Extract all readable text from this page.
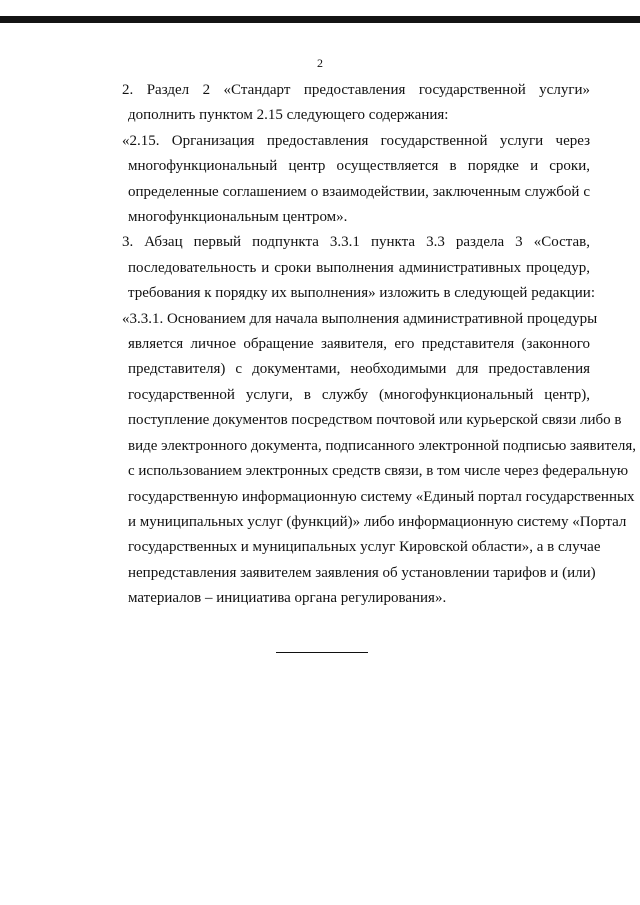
2

2. Раздел 2 «Стандарт предоставления государственной услуги»
дополнить пунктом 2.15 следующего содержания:

«2.15. Организация предоставления государственной услуги через
многофункциональный центр осуществляется в порядке и сроки,
определенные соглашением о взаимодействии, заключенным службой с
многофункциональным центром».

3. Абзац первый подпункта 3.3.1 пункта 3.3 раздела 3 «Состав,
последовательность и сроки выполнения административных процедур,
требования к порядку их выполнения» изложить в следующей редакции:

«3.3.1. Основанием для начала выполнения административной процедуры
является личное обращение заявителя, его представителя (законного
представителя) с документами, необходимыми для предоставления
государственной услуги, в службу (многофункциональный центр),
поступление документов посредством почтовой или курьерской связи либо в
виде электронного документа, подписанного электронной подписью заявителя,
с использованием электронных средств связи, в том числе через федеральную
государственную информационную систему «Единый портал государственных
и муниципальных услуг (функций)» либо информационную систему «Портал
государственных и муниципальных услуг Кировской области», а в случае
непредставления заявителем заявления об установлении тарифов и (или)
материалов – инициатива органа регулирования».
